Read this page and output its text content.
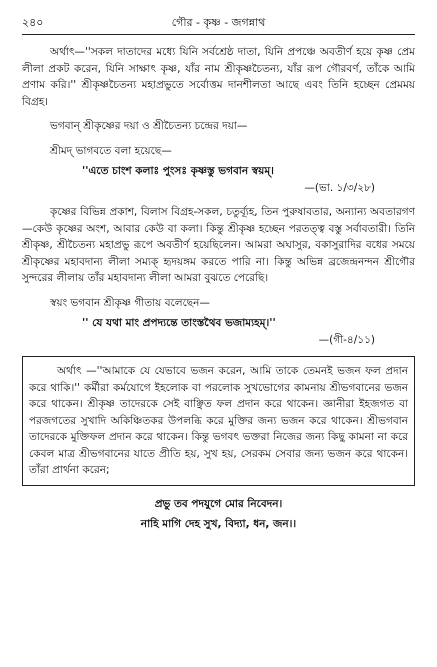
২৪০	গৌর - কৃষ্ণ - জগন্নাথ

অর্থাৎ—''সকল দাতাদের মধ্যে যিনি সর্বশ্রেষ্ঠ দাতা, যিনি প্রপঞ্চে অবতীর্ণ হয়ে কৃষ্ণ প্রেম লীলা প্রকট করেন, যিনি সাক্ষাৎ কৃষ্ণ, যাঁর নাম শ্রীকৃষ্ণচৈতন্য, যাঁর রূপ গৌরবর্ণ, তাঁকে আমি প্রণাম করি।'' শ্রীকৃষ্ণচৈতন্য মহাপ্রভুতে সর্বোত্তম দানশীলতা আছে এবং তিনি হচ্ছেন প্রেমময় বিগ্রহ।

ভগবান্ শ্রীকৃষ্ণের দয়া ও শ্রীচৈতন্য চন্দ্রের দয়া—

শ্রীমদ্ ভাগবতে বলা হয়েছে—

''এতে চাংশ কলাঃ পুংসঃ কৃষ্ণস্তু ভগবান স্বয়ম্।

—(ভা. ১/৩/২৮)

কৃষ্ণের বিভিন্ন প্রকাশ, বিলাস বিগ্রহ-সকল, চতুর্ব্যূহ, তিন পুরুষাবতার, অন্যান্য অবতারগণ—কেউ কৃষ্ণের অংশ, আবার কেউ বা কলা। কিন্তু শ্রীকৃষ্ণ হচ্ছেন পরতত্ত্ব বস্তু সর্বাবতারী। তিনি শ্রীকৃষ্ণ, শ্রীচৈতন্য মহাপ্রভু রূপে অবতীর্ণ হয়েছিলেন। আমরা অঘাসুর, বকাসুরাদির বধের সময়ে শ্রীকৃষ্ণের মহাবদান্য লীলা সম্যক্ হৃদয়ঙ্গম করতে পারি না। কিন্তু অভিন্ন ব্রজেন্দ্রনন্দন শ্রীগৌর সুন্দরের লীলায় তাঁর মহাবদান্য লীলা আমরা বুঝতে পেরেছি।

স্বয়ং ভগবান শ্রীকৃষ্ণ গীতায় বলেছেন—

'' যে যথা মাং প্রপদ্যন্তে তাংস্তথৈব ভজাম্যহম্।''

—(গী-৪/১১)

অর্থাৎ —''আমাকে যে যেভাবে ভজন করেন, আমি তাকে তেমনই ভজন ফল প্রদান করে থাকি।'' কর্মীরা কর্মযোগে ইহলোক বা পরলোক সুখভোগের কামনায় শ্রীভগবানের ভজন করে থাকেন। শ্রীকৃষ্ণ তাদেরকে সেই বাঞ্ছিত ফল প্রদান করে থাকেন। জ্ঞানীরা ইহজগত বা পরজগতের সুখাদি অকিঞ্চিতকর উপলব্ধি করে মুক্তির জন্য ভজন করে থাকেন। শ্রীভগবান তাদেরকে মুক্তিফল প্রদান করে থাকেন। কিন্তু ভগবৎ ভক্তরা নিজের জন্য কিছু কামনা না করে কেবল মাত্র শ্রীভগবানের যাতে প্রীতি হয়, সুখ হয়, সেরকম সেবার জন্য ভজন করে থাকেন। তাঁরা প্রার্থনা করেন;

প্রভু তব পদযুগে মোর নিবেদন।

নাহি মাগি দেহ সুখ, বিদ্যা, ধন, জন।।
